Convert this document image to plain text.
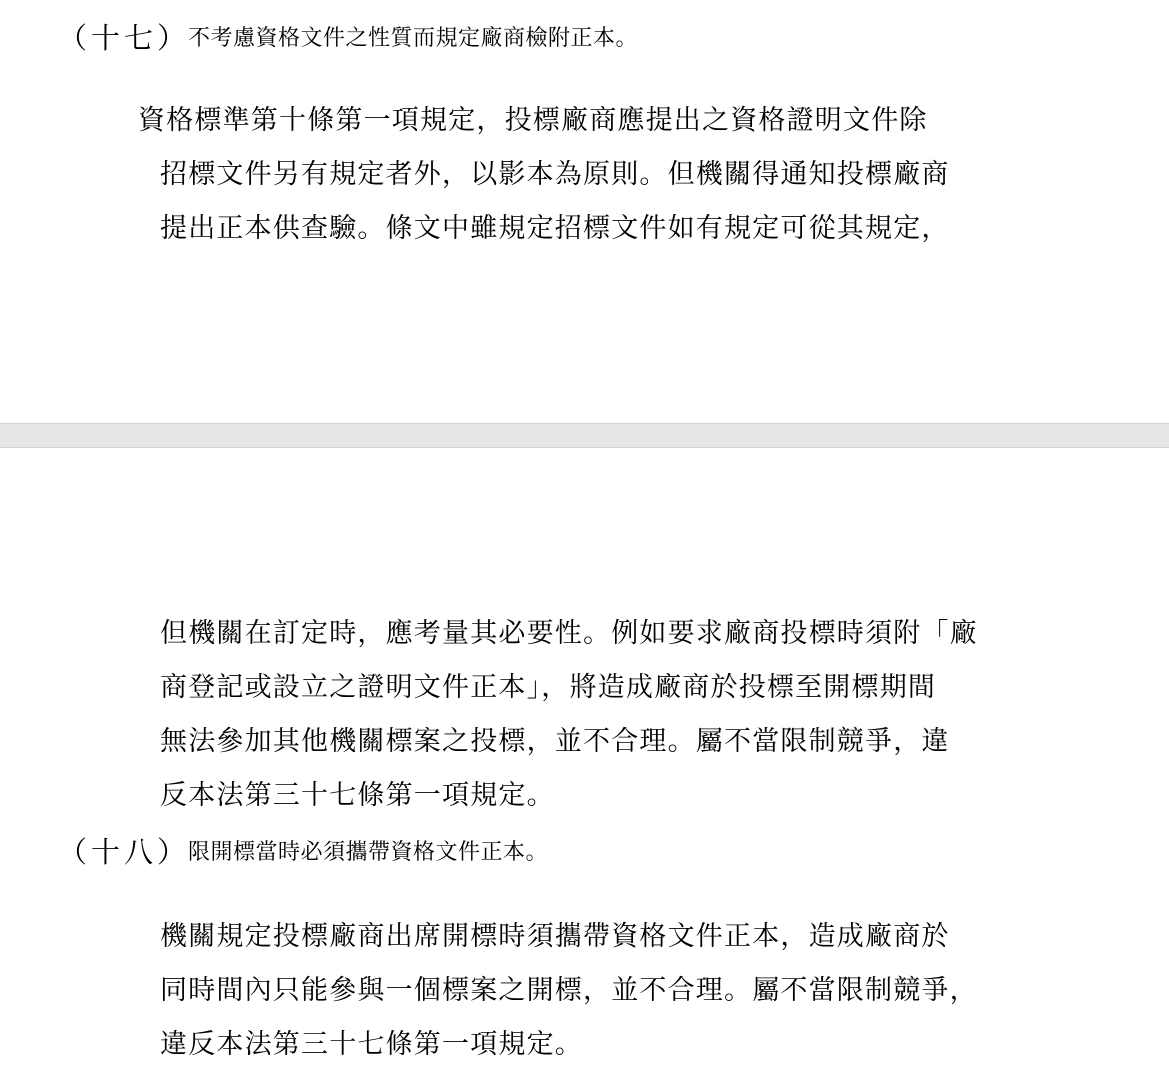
（十七）
不考慮資格文件之性質而規定廠商檢附正本。
資格標準第十條第一項規定，投標廠商應提出之資格證明文件除
招標文件另有規定者外，以影本為原則。但機關得通知投標廠商
提出正本供查驗。條文中雖規定招標文件如有規定可從其規定，
但機關在訂定時，應考量其必要性。例如要求廠商投標時須附「廠
商登記或設立之證明文件正本」，將造成廠商於投標至開標期間
無法參加其他機關標案之投標，並不合理。屬不當限制競爭，違
反本法第三十七條第一項規定。
（十八）
限開標當時必須攜帶資格文件正本。
機關規定投標廠商出席開標時須攜帶資格文件正本，造成廠商於
同時間內只能參與一個標案之開標，並不合理。屬不當限制競爭，
違反本法第三十七條第一項規定。
